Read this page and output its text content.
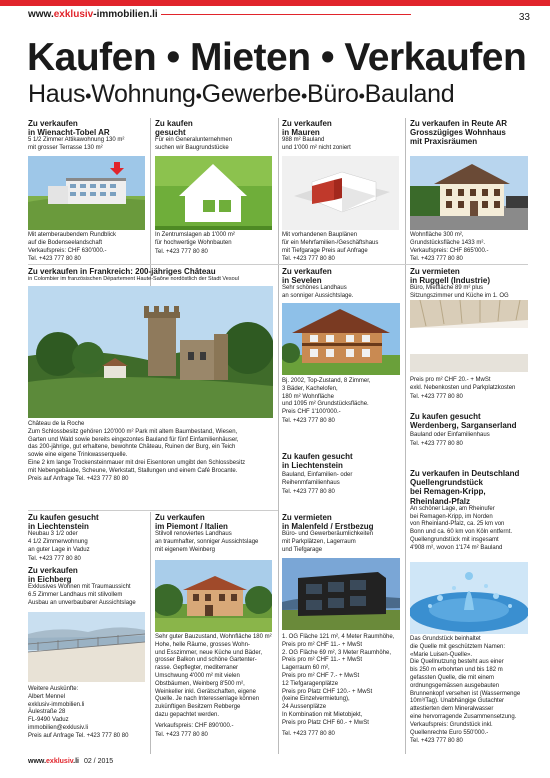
www.exklusiv-immobilien.li	33
Kaufen • Mieten • Verkaufen
Haus•Wohnung•Gewerbe•Büro•Bauland
Zu verkaufen
in Wienacht-Tobel AR
5 1/2 Zimmer Attikawohnung 130 m²
mit grosser Terrasse 130 m²
Mit atemberaubendem Rundblick
auf die Bodenseelandschaft
Verkaufspreis: CHF 630'000.-
Tel. +423 777 80 80
Zu kaufen
gesucht
Für ein Generalunternehmen
suchen wir Baugrundstücke
In Zentrumslagen ab 1'000 m²
für hochwertige Wohnbauten
Tel. +423 777 80 80
Zu verkaufen
in Mauren
988 m² Bauland
und 1'000 m² nicht zoniert
Mit vorhandenen Bauplänen
für ein Mehrfamilien-/Geschäftshaus
mit Tiefgarage Preis auf Anfrage
Tel. +423 777 80 80
Zu verkaufen in Reute AR
Grosszügiges Wohnhaus
mit Praxisräumen
Wohnfläche 300 m²,
Grundstücksfläche 1433 m².
Verkaufspreis: CHF 865'000.-
Tel. +423 777 80 80
Zu verkaufen in Frankreich: 200-jähriges Château
in Colombier im französischen Département Haute-Saône nordöstlich der Stadt Vesoul
Château de la Roche
Zum Schlossbesitz gehören 120'000 m² Park mit altem Baumbestand, Wiesen,
Garten und Wald sowie bereits eingezontes Bauland für fünf Einfamilienhäuser,
das 200-jährige, gut erhaltene, bewohnte Château, Ruinen der Burg, ein Teich
sowie eine eigene Trinkwasserquelle.
Eine 2 km lange Trockensteinmauer mit drei Eisentoren umgibt den Schlossbesitz
mit Nebengebäude, Scheune, Werkstatt, Stallungen und einem Café Brocante.
Preis auf Anfrage Tel. +423 777 80 80
Zu verkaufen
in Sevelen
Sehr schönes Landhaus
an sonniger Aussichtslage.
Bj. 2002, Top-Zustand, 8 Zimmer,
3 Bäder, Kachelofen,
180 m² Wohnfläche
und 1095 m² Grundstücksfläche.
Preis CHF 1'100'000.-
Tel. +423 777 80 80
Zu vermieten
in Ruggell (Industrie)
Büro, Mietfläche 89 m² plus
Sitzungszimmer und Küche im 1. OG
Preis pro m² CHF 20.- + MwSt
exkl. Nebenkosten und Parkplatzkosten
Tel. +423 777 80 80
Zu kaufen gesucht
Werdenberg, Sarganserland
Bauland oder Einfamilienhaus
Tel. +423 777 80 80
Zu kaufen gesucht
in Liechtenstein
Bauland, Einfamilien- oder
Reihenmfamilienhaus
Tel. +423 777 80 80
Zu verkaufen in Deutschland
Quellengrundstück
bei Remagen-Kripp,
Rheinland-Pfalz
An schöner Lage, am Rheinufer
bei Remagen-Kripp, im Norden
von Rheinland-Pfalz, ca. 25 km von
Bonn und ca. 60 km von Köln entfernt.
Quellengrundstück mit insgesamt
4'908 m², wovon 1'174 m² Bauland
Das Grundstück beinhaltet
die Quelle mit geschütztem Namen:
«Marie Luisen-Quelle».
Die Quellnutzung besteht aus einer
bis 250 m erbohrten und bis 182 m
gefassten Quelle, die mit einem
ordnungsgemässen ausgebauten
Brunnenkopf versehen ist (Wassermenge
10m³/Tag). Unabhängige Gutachter
attestierten dem Mineralwasser
eine hervorragende Zusammensetzung.
Verkaufspreis: Grundstück inkl.
Quellenrechte Euro 550'000.-
Tel. +423 777 80 80
Zu kaufen gesucht
in Liechtenstein
Neubau 3 1/2 oder
4 1/2 Zimmerwohnung
an guter Lage in Vaduz
Tel. +423 777 80 80
Zu verkaufen
in Eichberg
Exklusives Wohnen mit Traumaussicht
6.5 Zimmer Landhaus mit stilvollem
Ausbau an unverbaubarer Aussichtslage
Weitere Auskünfte:
Albert Mennel
exklusiv-immobilien.li
Äulestraße 28
FL-9490 Vaduz
immobilien@exklusiv.li
Preis auf Anfrage Tel. +423 777 80 80
Zu verkaufen
im Piemont / Italien
Stilvoll renoviertes Landhaus
an traumhafter, sonniger Aussichtslage
mit eigenem Weinberg
Sehr guter Bauzustand, Wohnfläche 180 m²
Hohe, helle Räume, grosses Wohn-
und Esszimmer, neue Küche und Bäder,
grosser Balkon und schöne Gartenter-
rasse. Gepflegter, mediterraner
Umschwung 4'000 m² mit vielen
Obstbäumen, Weinberg 8'500 m²,
Weinkeller inkl. Gerätschaften, eigene
Quelle. Je nach Interessenlage können
zukünftigen Besitzern Rebberge
dazu gepachtet werden.
Verkaufspreis: CHF 890'000.-
Tel. +423 777 80 80
Zu vermieten
in Malenfeld / Erstbezug
Büro- und Gewerberäumlichkeiten
mit Parkplätzen, Lagerraum
und Tiefgarage
1. OG Fläche 121 m², 4 Meter Raumhöhe,
Preis pro m² CHF 11.- + MwSt
2. OG Fläche 69 m², 3 Meter Raumhöhe,
Preis pro m² CHF 11.- + MwSt
Lagerraum 60 m²,
Preis pro m² CHF 7.- + MwSt
12 Tiefgaragenplätze
Preis pro Platz CHF 120.- + MwSt
(keine Einzelvermietung),
24 Aussenplätze
In Kombination mit Mietobjekt,
Preis pro Platz CHF 60.- + MwSt
Tel. +423 777 80 80
www.exklusiv.li 02 / 2015
